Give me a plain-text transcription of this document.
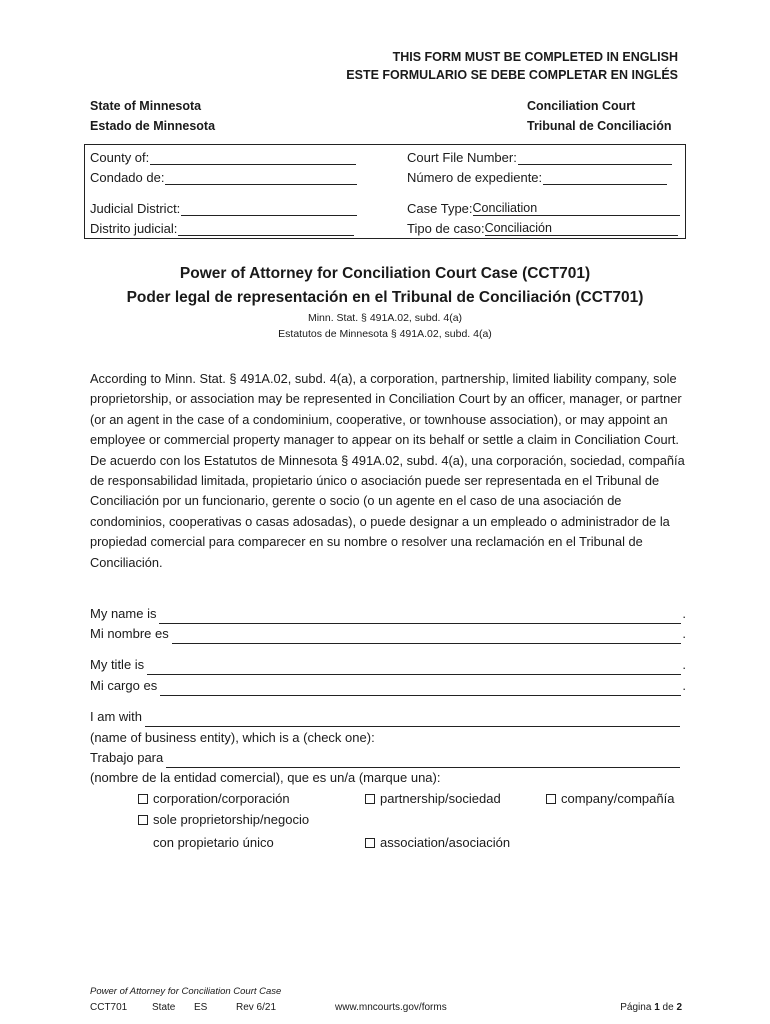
THIS FORM MUST BE COMPLETED IN ENGLISH
ESTE FORMULARIO SE DEBE COMPLETAR EN INGLÉS
State of Minnesota
Estado de Minnesota
Conciliation Court
Tribunal de Conciliación
County of:
Condado de:
Judicial District:
Distrito judicial:
Court File Number:
Número de expediente:
Case Type: Conciliation
Tipo de caso: Conciliación
Power of Attorney for Conciliation Court Case (CCT701)
Poder legal de representación en el Tribunal de Conciliación (CCT701)
Minn. Stat. § 491A.02, subd. 4(a)
Estatutos de Minnesota § 491A.02, subd. 4(a)

According to Minn. Stat. § 491A.02, subd. 4(a), a corporation, partnership, limited liability company, sole proprietorship, or association may be represented in Conciliation Court by an officer, manager, or partner (or an agent in the case of a condominium, cooperative, or townhouse association), or may appoint an employee or commercial property manager to appear on its behalf or settle a claim in Conciliation Court.

De acuerdo con los Estatutos de Minnesota § 491A.02, subd. 4(a), una corporación, sociedad, compañía de responsabilidad limitada, propietario único o asociación puede ser representada en el Tribunal de Conciliación por un funcionario, gerente o socio (o un agente en el caso de una asociación de condominios, cooperativas o casas adosadas), o puede designar a un empleado o administrador de la propiedad comercial para comparecer en su nombre o resolver una reclamación en el Tribunal de Conciliación.

My name is	.
Mi nombre es	.
My title is	.
Mi cargo es	.
I am with
(name of business entity), which is a (check one):
Trabajo para
(nombre de la entidad comercial), que es un/a (marque una):
corporation/corporación	partnership/sociedad	company/compañía
sole proprietorship/negocio
con propietario único	association/asociación
Power of Attorney for Conciliation Court Case
CCT701 State ES	Rev 6/21	www.mncourts.gov/forms	Página 1 de 2
